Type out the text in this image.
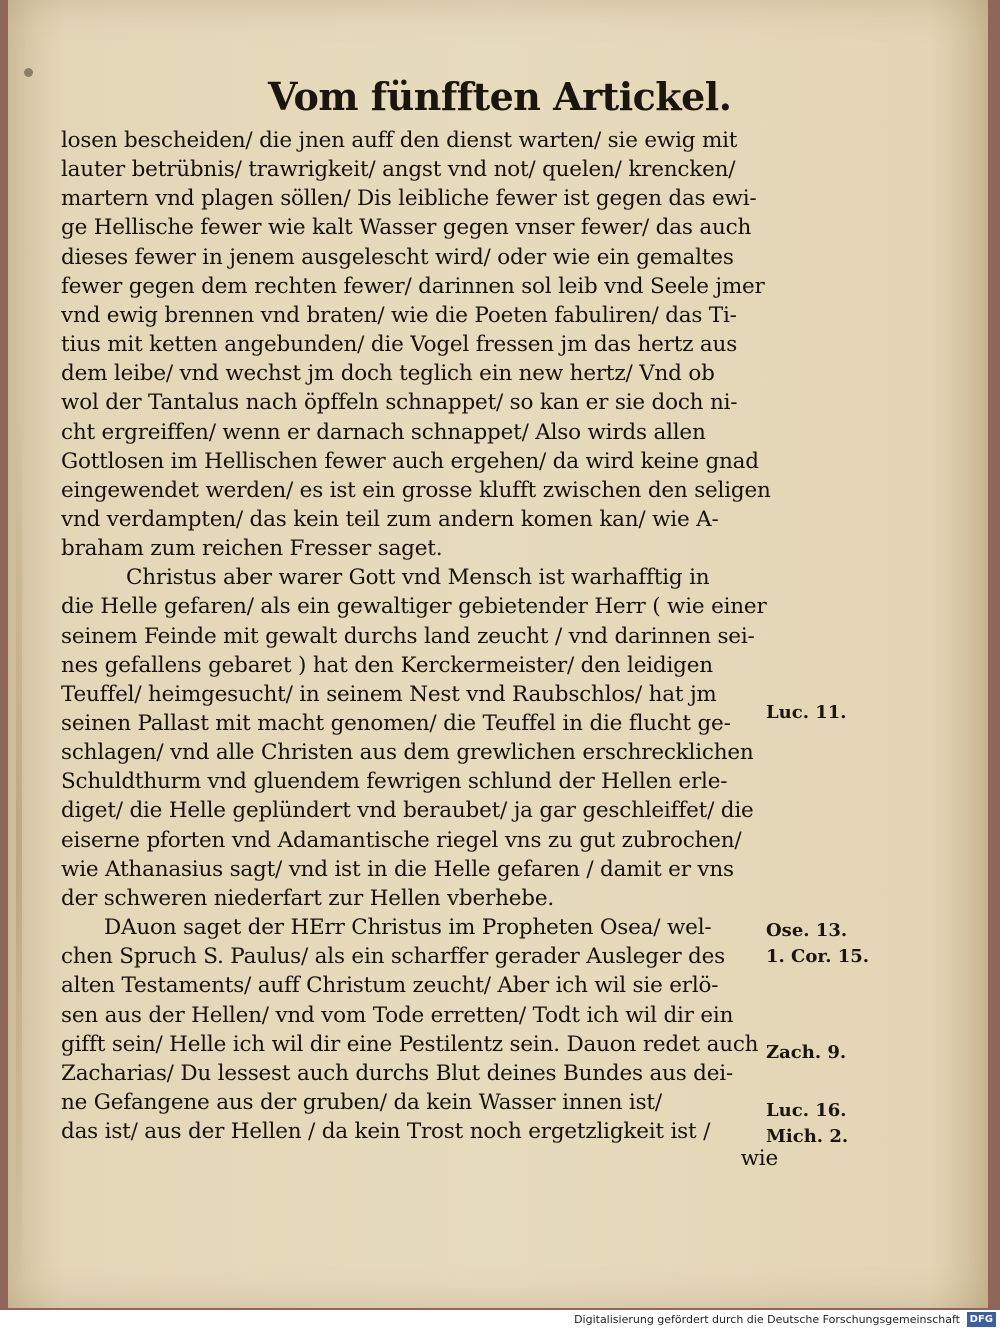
Vom fünfften Artickel.
losen bescheiden/ die jnen auff den dienst warten/ sie ewig mit
lauter betrübnis/ trawrigkeit/ angst vnd not/ quelen/ krencken/
martern vnd plagen söllen/ Dis leibliche fewer ist gegen das ewi-
ge Hellische fewer wie kalt Wasser gegen vnser fewer/ das auch
dieses fewer in jenem ausgelescht wird/ oder wie ein gemaltes
fewer gegen dem rechten fewer/ darinnen sol leib vnd Seele jmer
vnd ewig brennen vnd braten/ wie die Poeten fabuliren/ das Ti-
tius mit ketten angebunden/ die Vogel fressen jm das hertz aus
dem leibe/ vnd wechst jm doch teglich ein new hertz/ Vnd ob
wol der Tantalus nach öpffeln schnappet/ so kan er sie doch ni-
cht ergreiffen/ wenn er darnach schnappet/ Also wirds allen
Gottlosen im Hellischen fewer auch ergehen/ da wird keine gnad
eingewendet werden/ es ist ein grosse klufft zwischen den seligen
vnd verdampten/ das kein teil zum andern komen kan/ wie A-
braham zum reichen Fresser saget.
Christus aber warer Gott vnd Mensch ist warhafftig in
die Helle gefaren/ als ein gewaltiger gebietender Herr ( wie einer
seinem Feinde mit gewalt durchs land zeucht / vnd darinnen sei-
nes gefallens gebaret ) hat den Kerckermeister/ den leidigen
Teuffel/ heimgesucht/ in seinem Nest vnd Raubschlos/ hat jm
seinen Pallast mit macht genomen/ die Teuffel in die flucht ge-
schlagen/ vnd alle Christen aus dem grewlichen erschrecklichen
Schuldthurm vnd gluendem fewrigen schlund der Hellen erle-
diget/ die Helle geplündert vnd beraubet/ ja gar geschleiffet/ die
eiserne pforten vnd Adamantische riegel vns zu gut zubrochen/
wie Athanasius sagt/ vnd ist in die Helle gefaren / damit er vns
der schweren niederfart zur Hellen vberhebe.
DAuon saget der HErr Christus im Propheten Osea/ wel-
chen Spruch S. Paulus/ als ein scharffer gerader Ausleger des
alten Testaments/ auff Christum zeucht/ Aber ich wil sie erlö-
sen aus der Hellen/ vnd vom Tode erretten/ Todt ich wil dir ein
gifft sein/ Helle ich wil dir eine Pestilentz sein. Dauon redet auch
Zacharias/ Du lessest auch durchs Blut deines Bundes aus dei-
ne Gefangene aus der gruben/ da kein Wasser innen ist/
das ist/ aus der Hellen / da kein Trost noch ergetzligkeit ist /
Luc. 11.
Ose. 13.
1. Cor. 15.
Zach. 9.
Luc. 16.
Mich. 2.
wie
Digitalisierung gefördert durch die Deutsche Forschungsgemeinschaft DFG
